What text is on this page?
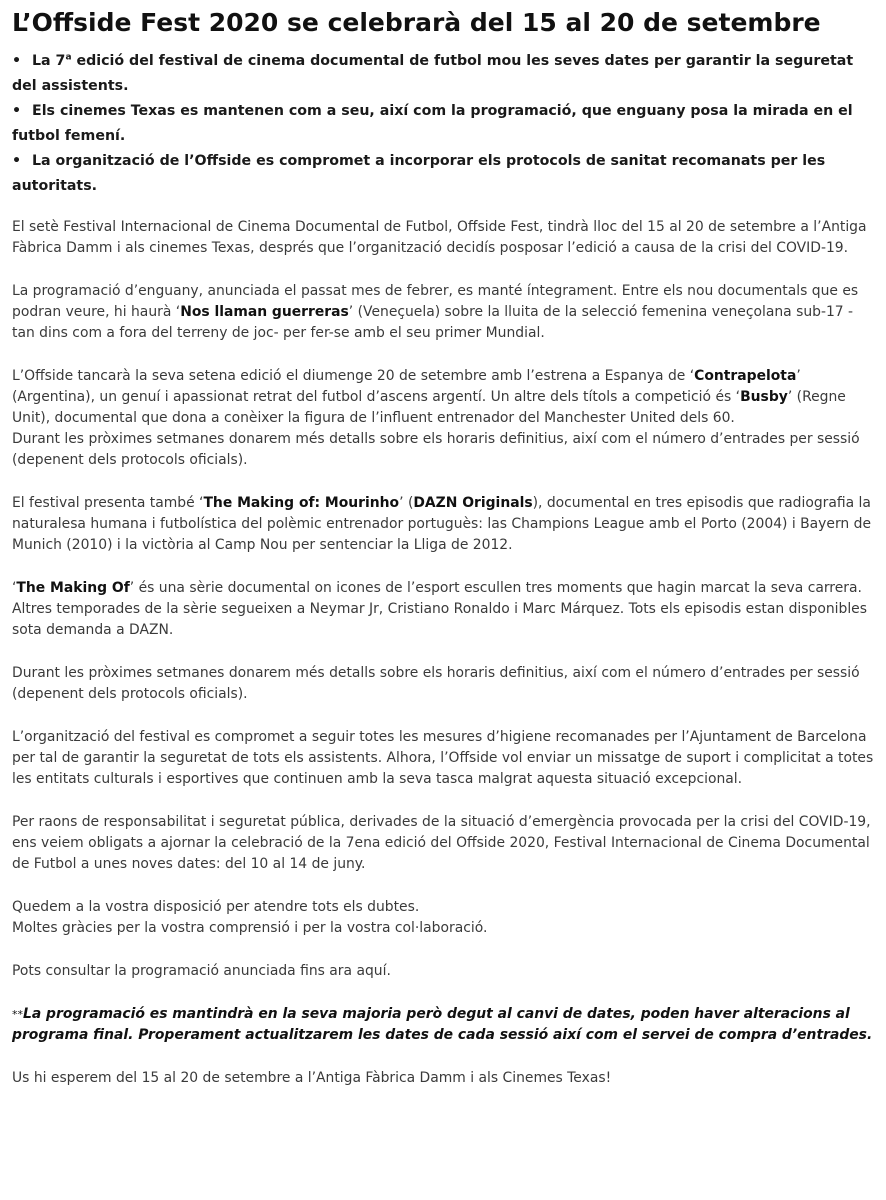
L’Offside Fest 2020 se celebrarà del 15 al 20 de setembre
• La 7$^a$ edició del festival de cinema documental de futbol mou les seves dates per garantir la seguretat del assistents.
• Els cinemes Texas es mantenen com a seu, així com la programació, que enguany posa la mirada en el futbol femení.
• La organització de l’Offside es compromet a incorporar els protocols de sanitat recomanats per les autoritats.

El setè Festival Internacional de Cinema Documental de Futbol, Offside Fest, tindrà lloc del 15 al 20 de setembre a l’Antiga Fàbrica Damm i als cinemes Texas, després que l’organització decidís posposar l’edició a causa de la crisi del COVID-19.

La programació d’enguany, anunciada el passat mes de febrer, es manté íntegrament. Entre els nou documentals que es podran veure, hi haurà ‘Nos llaman guerreras’ (Veneçuela) sobre la lluita de la selecció femenina veneçolana sub-17 -tan dins com a fora del terreny de joc- per fer-se amb el seu primer Mundial.

L’Offside tancarà la seva setena edició el diumenge 20 de setembre amb l’estrena a Espanya de ‘Contrapelota’ (Argentina), un genuí i apassionat retrat del futbol d’ascens argentí. Un altre dels títols a competició és ‘Busby’ (Regne Unit), documental que dona a conèixer la figura de l’influent entrenador del Manchester United dels 60.
Durant les pròximes setmanes donarem més detalls sobre els horaris definitius, així com el número d’entrades per sessió (depenent dels protocols oficials).

El festival presenta també ‘The Making of: Mourinho’ (DAZN Originals), documental en tres episodis que radiografia la naturalesa humana i futbolística del polèmic entrenador portuguès: las Champions League amb el Porto (2004) i Bayern de Munich (2010) i la victòria al Camp Nou per sentenciar la Lliga de 2012.

‘The Making Of’ és una sèrie documental on icones de l’esport escullen tres moments que hagin marcat la seva carrera. Altres temporades de la sèrie segueixen a Neymar Jr, Cristiano Ronaldo i Marc Márquez. Tots els episodis estan disponibles sota demanda a DAZN.

Durant les pròximes setmanes donarem més detalls sobre els horaris definitius, així com el número d’entrades per sessió (depenent dels protocols oficials).

L’organització del festival es compromet a seguir totes les mesures d’higiene recomanades per l’Ajuntament de Barcelona per tal de garantir la seguretat de tots els assistents. Alhora, l’Offside vol enviar un missatge de suport i complicitat a totes les entitats culturals i esportives que continuen amb la seva tasca malgrat aquesta situació excepcional.

Per raons de responsabilitat i seguretat pública, derivades de la situació d’emergència provocada per la crisi del COVID-19, ens veiem obligats a ajornar la celebració de la 7ena edició del Offside 2020, Festival Internacional de Cinema Documental de Futbol a unes noves dates: del 10 al 14 de juny.

Quedem a la vostra disposició per atendre tots els dubtes.
Moltes gràcies per la vostra comprensió i per la vostra col·laboració.

Pots consultar la programació anunciada fins ara aquí.

**La programació es mantindrà en la seva majoria però degut al canvi de dates, poden haver alteracions al programa final. Properament actualitzarem les dates de cada sessió així com el servei de compra d’entrades.

Us hi esperem del 15 al 20 de setembre a l’Antiga Fàbrica Damm i als Cinemes Texas!
